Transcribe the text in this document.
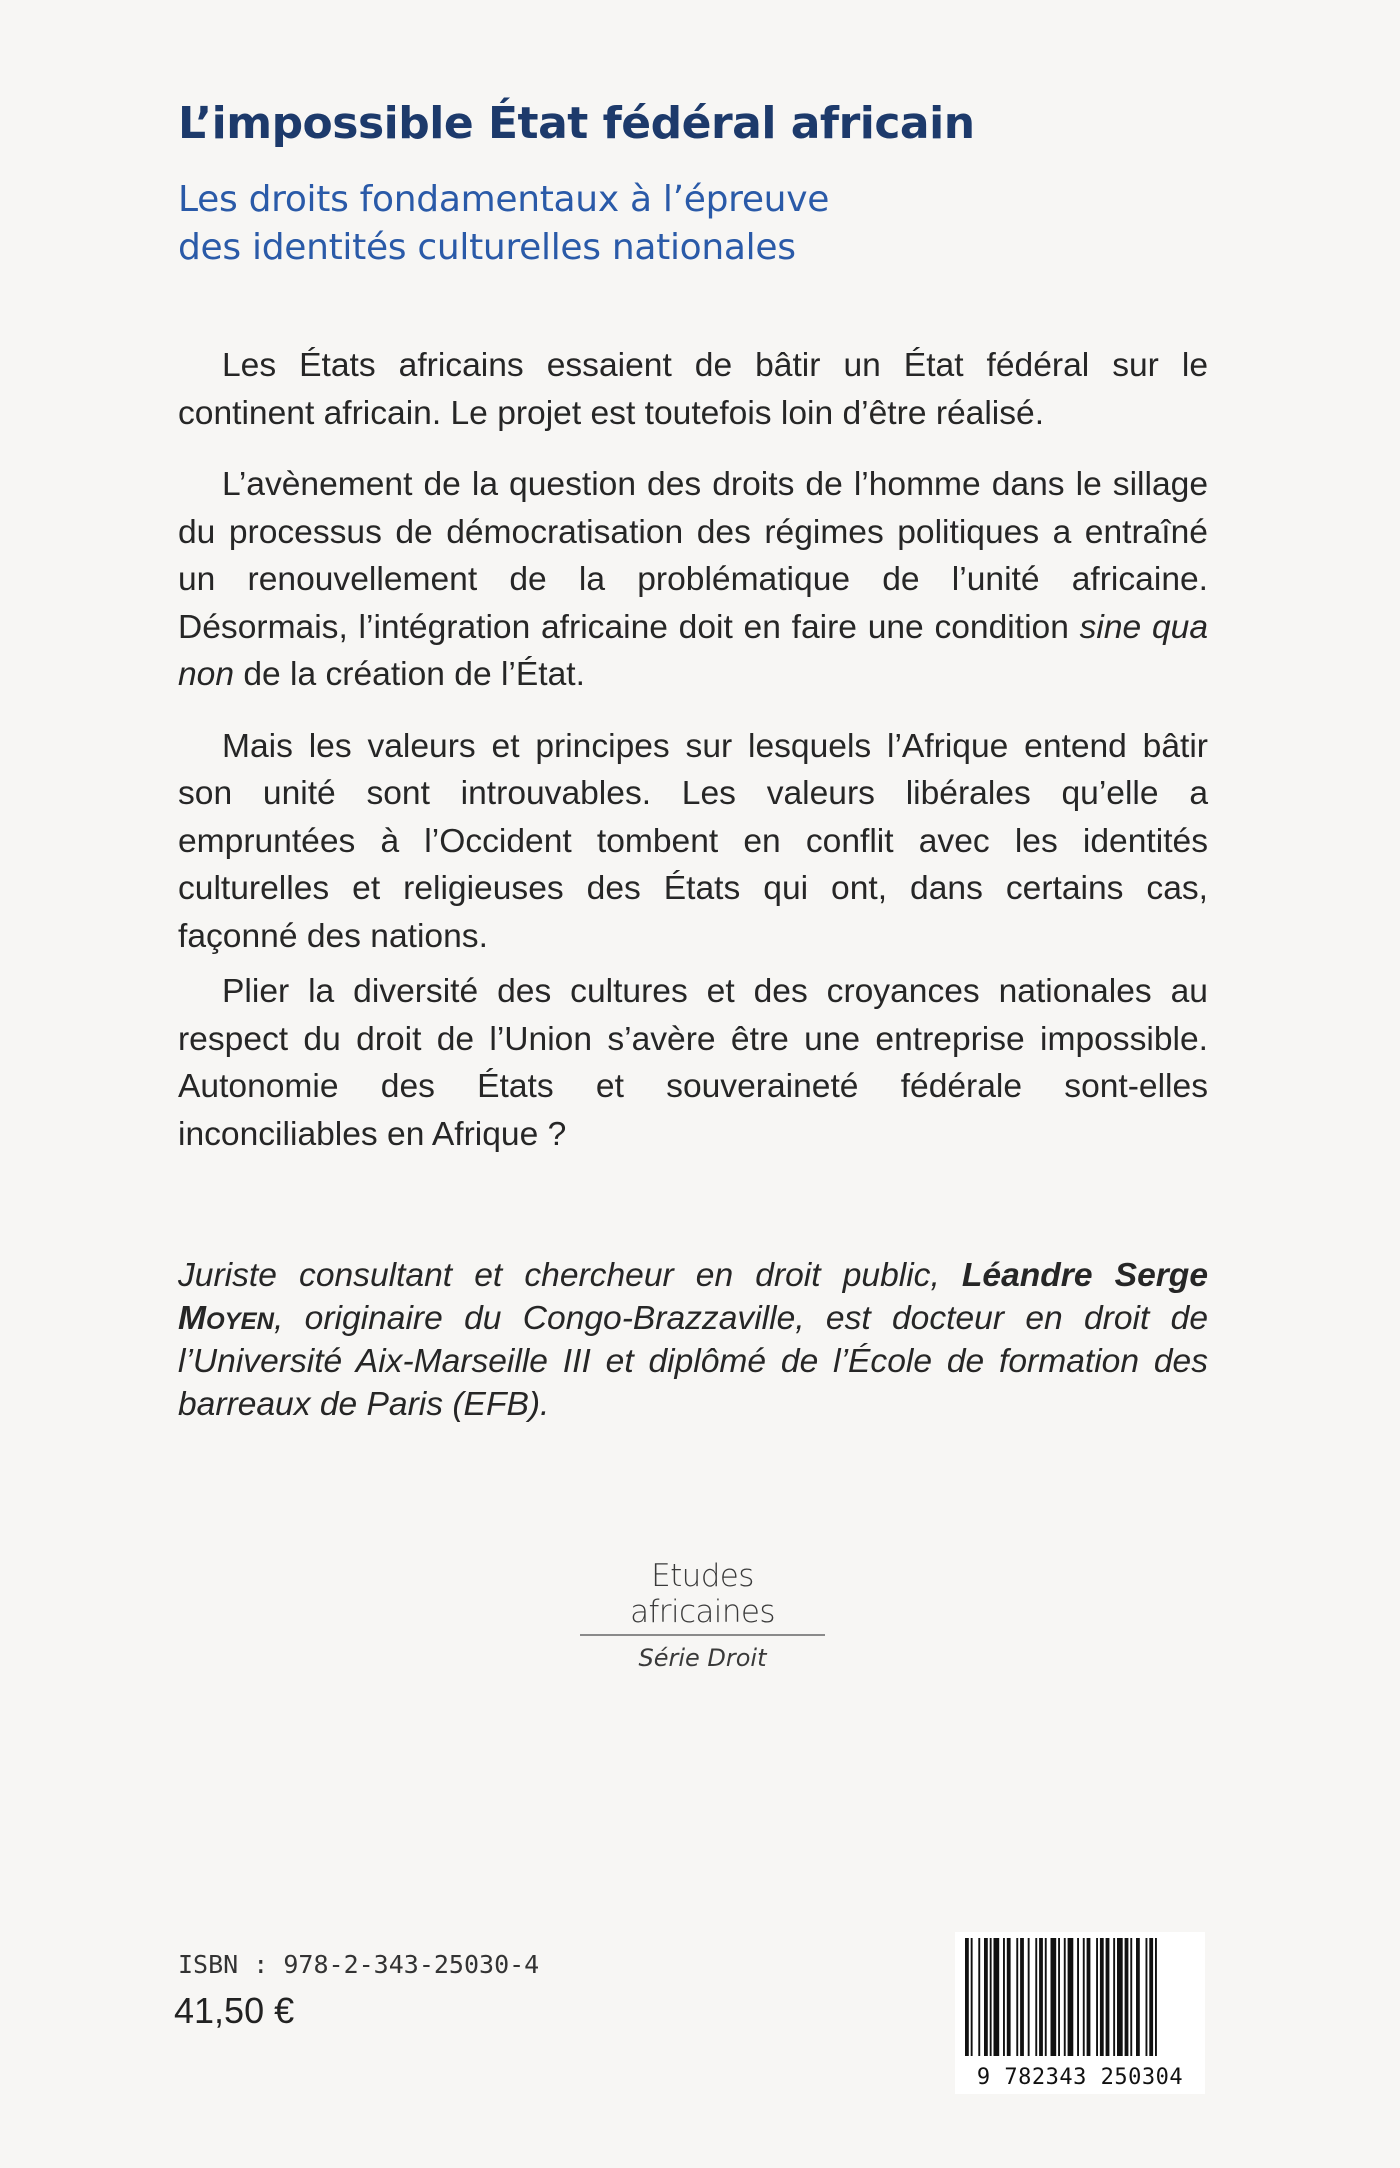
L’impossible État fédéral africain
Les droits fondamentaux à l’épreuve
des identités culturelles nationales

Les États africains essaient de bâtir un État fédéral sur le continent africain. Le projet est toutefois loin d’être réalisé.

L’avènement de la question des droits de l’homme dans le sillage du processus de démocratisation des régimes politiques a entraîné un renouvellement de la problématique de l’unité africaine. Désormais, l’intégration africaine doit en faire une condition sine qua non de la création de l’État.

Mais les valeurs et principes sur lesquels l’Afrique entend bâtir son unité sont introuvables. Les valeurs libérales qu’elle a empruntées à l’Occident tombent en conflit avec les identités culturelles et religieuses des États qui ont, dans certains cas, façonné des nations.

Plier la diversité des cultures et des croyances nationales au respect du droit de l’Union s’avère être une entreprise impossible. Autonomie des États et souveraineté fédérale sont-elles inconciliables en Afrique ?

Juriste consultant et chercheur en droit public, Léandre Serge Moyen, originaire du Congo-Brazzaville, est docteur en droit de l’Université Aix-Marseille III et diplômé de l’École de formation des barreaux de Paris (EFB).
Etudes africaines
Série Droit
ISBN : 978-2-343-25030-4
41,50 €
9 782343 250304
